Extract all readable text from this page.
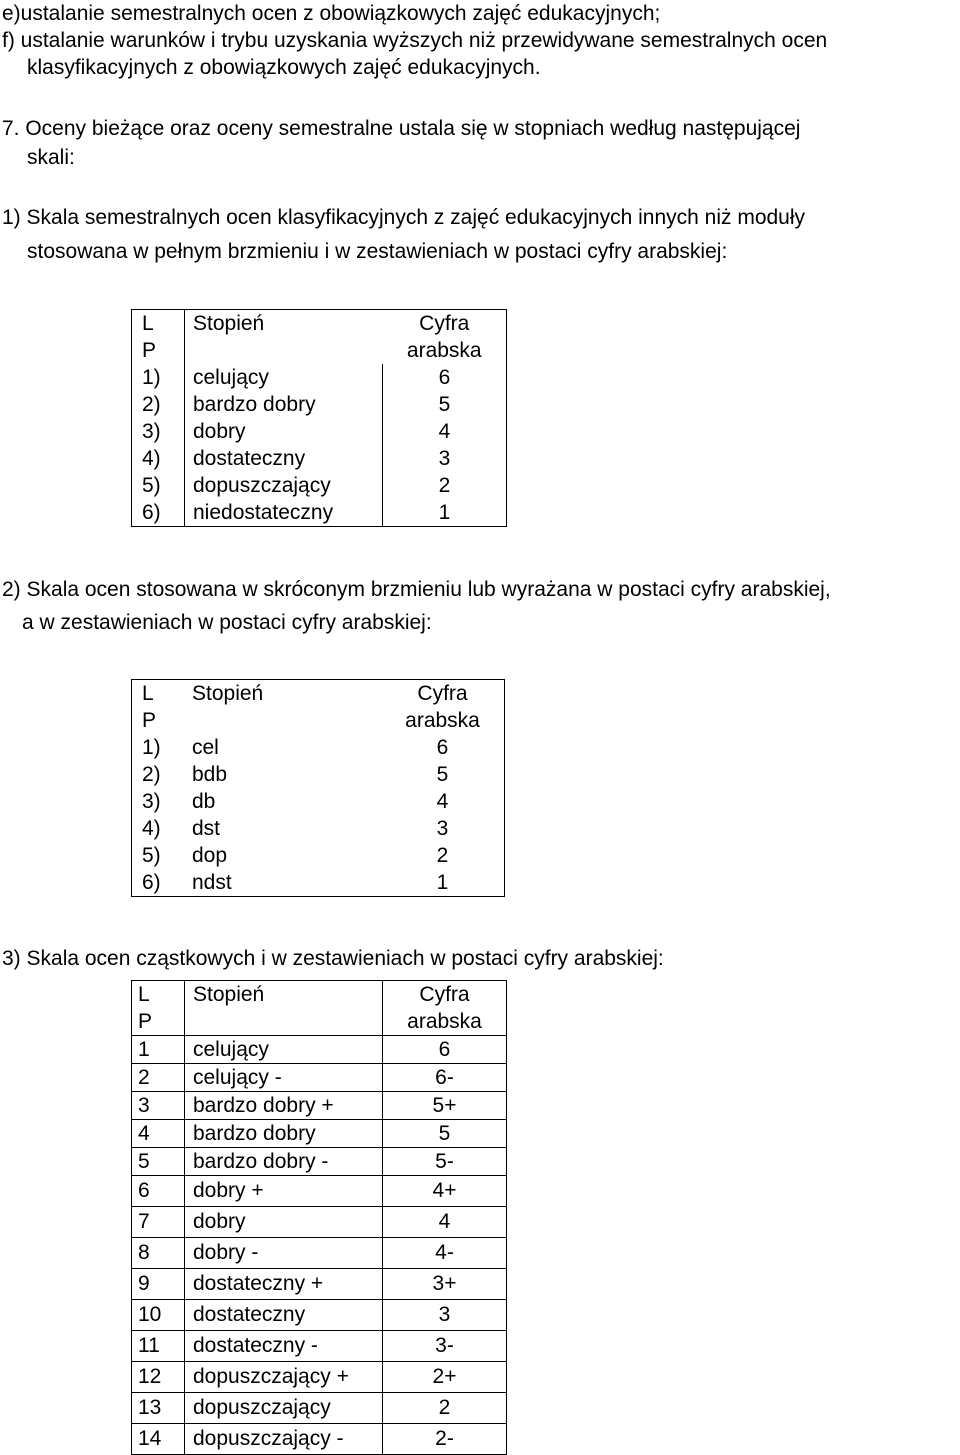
e)ustalanie semestralnych ocen z obowiązkowych zajęć edukacyjnych;
f) ustalanie warunków i trybu uzyskania wyższych niż przewidywane semestralnych ocen
klasyfikacyjnych z obowiązkowych zajęć edukacyjnych.
7. Oceny bieżące oraz oceny semestralne ustala się w stopniach według następującej
skali:
1) Skala semestralnych ocen klasyfikacyjnych z zajęć edukacyjnych innych niż moduły
stosowana w pełnym brzmieniu i w zestawieniach w postaci cyfry arabskiej:
L
P	Stopień	Cyfra
arabska
1)	celujący	6
2)	bardzo dobry	5
3)	dobry	4
4)	dostateczny	3
5)	dopuszczający	2
6)	niedostateczny	1
2) Skala ocen stosowana w skróconym brzmieniu lub wyrażana w postaci cyfry arabskiej,
a w zestawieniach w postaci cyfry arabskiej:
L
P	Stopień	Cyfra
arabska
1)	cel	6
2)	bdb	5
3)	db	4
4)	dst	3
5)	dop	2
6)	ndst	1
3) Skala ocen cząstkowych i w zestawieniach w postaci cyfry arabskiej:
L
P	Stopień	Cyfra
arabska
1	celujący	6
2	celujący -	6-
3	bardzo dobry +	5+
4	bardzo dobry	5
5	bardzo dobry -	5-
6	dobry +	4+
7	dobry	4
8	dobry -	4-
9	dostateczny +	3+
10	dostateczny	3
11	dostateczny -	3-
12	dopuszczający +	2+
13	dopuszczający	2
14	dopuszczający -	2-
